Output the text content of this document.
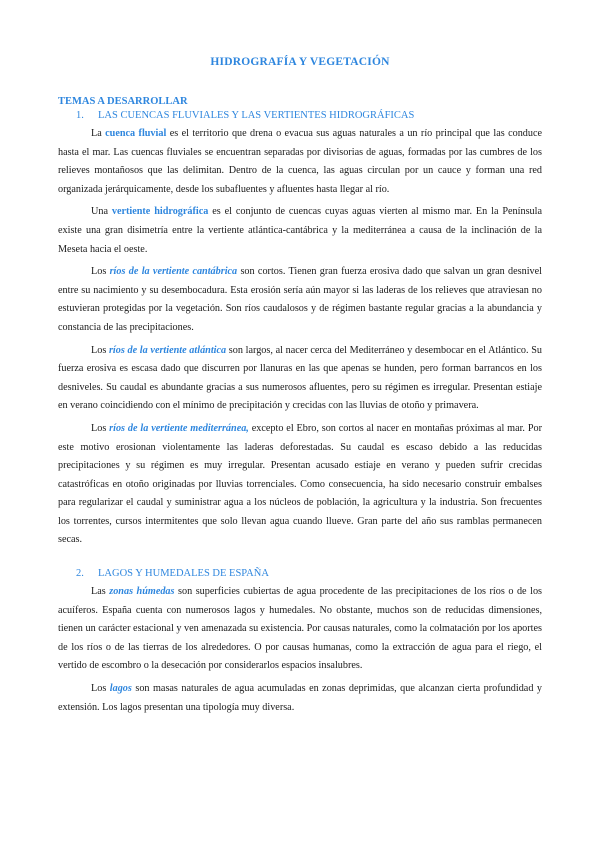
HIDROGRAFÍA Y VEGETACIÓN
TEMAS A DESARROLLAR
1. LAS CUENCAS FLUVIALES Y LAS VERTIENTES HIDROGRÁFICAS

La cuenca fluvial es el territorio que drena o evacua sus aguas naturales a un río principal que las conduce hasta el mar. Las cuencas fluviales se encuentran separadas por divisorias de aguas, formadas por las cumbres de los relieves montañosos que las delimitan. Dentro de la cuenca, las aguas circulan por un cauce y forman una red organizada jerárquicamente, desde los subafluentes y afluentes hasta llegar al río.

Una vertiente hidrográfica es el conjunto de cuencas cuyas aguas vierten al mismo mar. En la Península existe una gran disimetría entre la vertiente atlántica-cantábrica y la mediterránea a causa de la inclinación de la Meseta hacia el oeste.

Los ríos de la vertiente cantábrica son cortos. Tienen gran fuerza erosiva dado que salvan un gran desnivel entre su nacimiento y su desembocadura. Esta erosión sería aún mayor si las laderas de los relieves que atraviesan no estuvieran protegidas por la vegetación. Son ríos caudalosos y de régimen bastante regular gracias a la abundancia y constancia de las precipitaciones.

Los ríos de la vertiente atlántica son largos, al nacer cerca del Mediterráneo y desembocar en el Atlántico. Su fuerza erosiva es escasa dado que discurren por llanuras en las que apenas se hunden, pero forman barrancos en los desniveles. Su caudal es abundante gracias a sus numerosos afluentes, pero su régimen es irregular. Presentan estiaje en verano coincidiendo con el mínimo de precipitación y crecidas con las lluvias de otoño y primavera.

Los ríos de la vertiente mediterránea, excepto el Ebro, son cortos al nacer en montañas próximas al mar. Por este motivo erosionan violentamente las laderas deforestadas. Su caudal es escaso debido a las reducidas precipitaciones y su régimen es muy irregular. Presentan acusado estiaje en verano y pueden sufrir crecidas catastróficas en otoño originadas por lluvias torrenciales. Como consecuencia, ha sido necesario construir embalses para regularizar el caudal y suministrar agua a los núcleos de población, la agricultura y la industria. Son frecuentes los torrentes, cursos intermitentes que solo llevan agua cuando llueve. Gran parte del año sus ramblas permanecen secas.

2. LAGOS Y HUMEDALES DE ESPAÑA

Las zonas húmedas son superficies cubiertas de agua procedente de las precipitaciones de los ríos o de los acuíferos. España cuenta con numerosos lagos y humedales. No obstante, muchos son de reducidas dimensiones, tienen un carácter estacional y ven amenazada su existencia. Por causas naturales, como la colmatación por los aportes de los ríos o de las tierras de los alrededores. O por causas humanas, como la extracción de agua para el riego, el vertido de escombro o la desecación por considerarlos espacios insalubres.

Los lagos son masas naturales de agua acumuladas en zonas deprimidas, que alcanzan cierta profundidad y extensión. Los lagos presentan una tipología muy diversa.
